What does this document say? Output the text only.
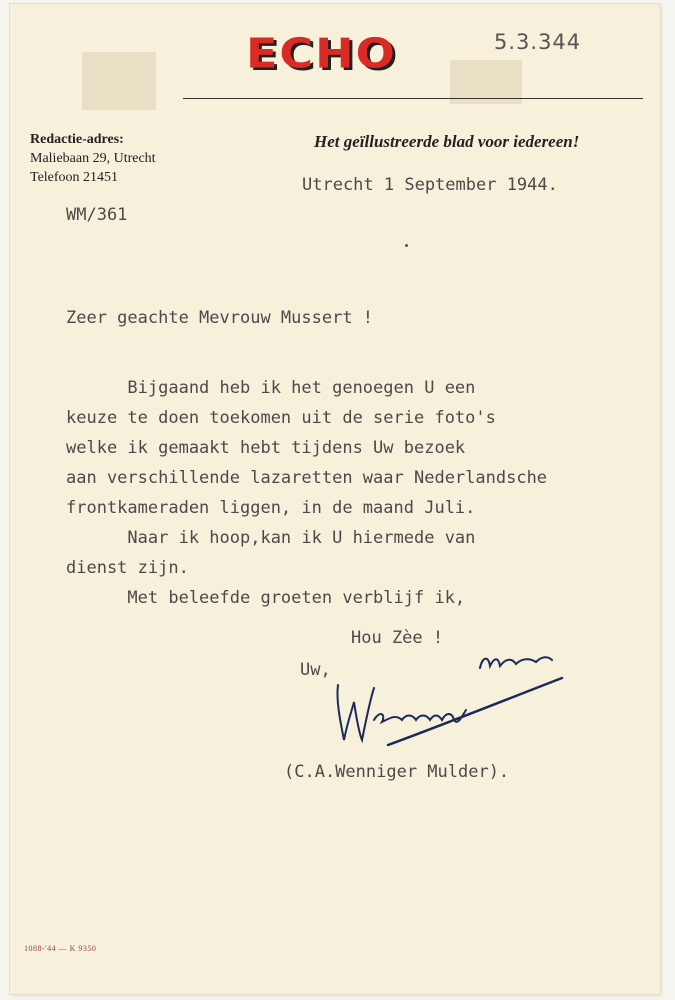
ECHO	5.3.344
Redactie-adres:
Maliebaan 29, Utrecht
Telefoon 21451
Het geïllustreerde blad voor iedereen!
Utrecht 1 September 1944.
WM/361
Zeer geachte Mevrouw Mussert !
Bijgaand heb ik het genoegen U een
keuze te doen toekomen uit de serie foto's
welke ik gemaakt hebt tijdens Uw bezoek
aan verschillende lazaretten waar Nederlandsche
frontkameraden liggen, in de maand Juli.
Naar ik hoop,kan ik U hiermede van
dienst zijn.
Met beleefde groeten verblijf ik,
Hou Zèe !
Uw,
(C.A.Wenniger Mulder).
1088-'44 — K 9350
